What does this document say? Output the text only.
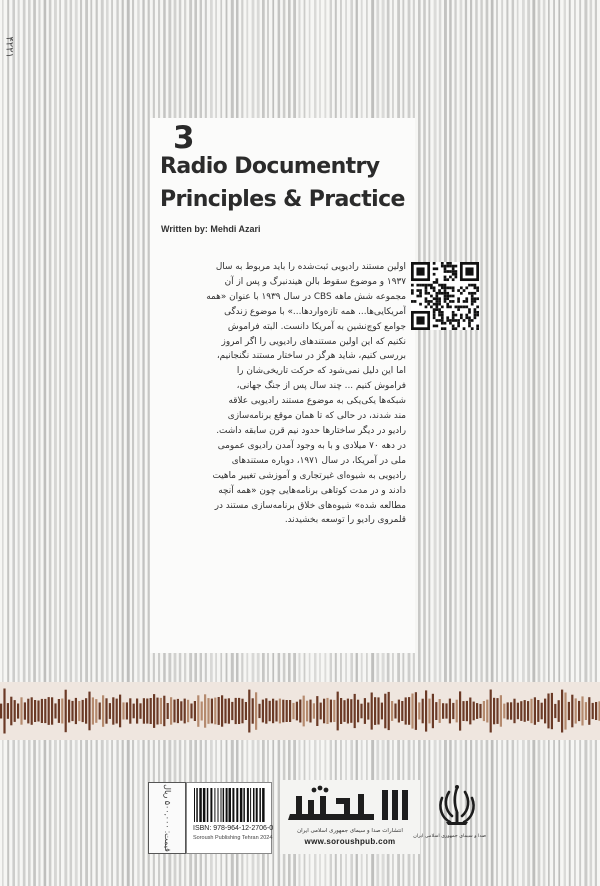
۴۲۲۱
3
Radio Documentry
Principles & Practice
Written by: Mehdi Azari
اولین مستند رادیویی ثبت‌شده را باید مربوط به سال
۱۹۳۷ و موضوع سقوط بالن هیندنبرگ و پس از آن
مجموعه شش ماهه CBS در سال ۱۹۳۹ با عنوان «همه
آمریکایی‌ها... همه تازه‌واردها...» با موضوع زندگی
جوامع کوچ‌نشین به آمریکا دانست. البته فراموش
نکنیم که این اولین مستندهای رادیویی را اگر امروز
بررسی کنیم، شاید هرگز در ساختار مستند نگنجانیم،
اما این دلیل نمی‌شود که حرکت تاریخی‌شان را
فراموش کنیم ... چند سال پس از جنگ جهانی،
شبکه‌ها یکی‌یکی به موضوع مستند رادیویی علاقه
مند شدند، در حالی که تا همان موقع برنامه‌سازی
رادیو در دیگر ساختارها حدود نیم قرن سابقه داشت.
در دهه ۷۰ میلادی و با به وجود آمدن رادیوی عمومی
ملی در آمریکا، در سال ۱۹۷۱، دوباره مستندهای
رادیویی به شیوه‌ای غیرتجاری و آموزشی تغییر ماهیت
دادند و در مدت کوتاهی برنامه‌هایی چون «همه آنچه
مطالعه شده» شیوه‌های خلاق برنامه‌سازی مستند در
قلمروی رادیو را توسعه بخشیدند.
قیمت: ۵۰۰,۰۰۰ ریال
ISBN: 978-964-12-2706-0
Soroush Publishing Tehran 2024
انتشارات صدا و سیمای جمهوری اسلامی ایران
www.soroushpub.com
صدا و سیمای جمهوری اسلامی ایران
